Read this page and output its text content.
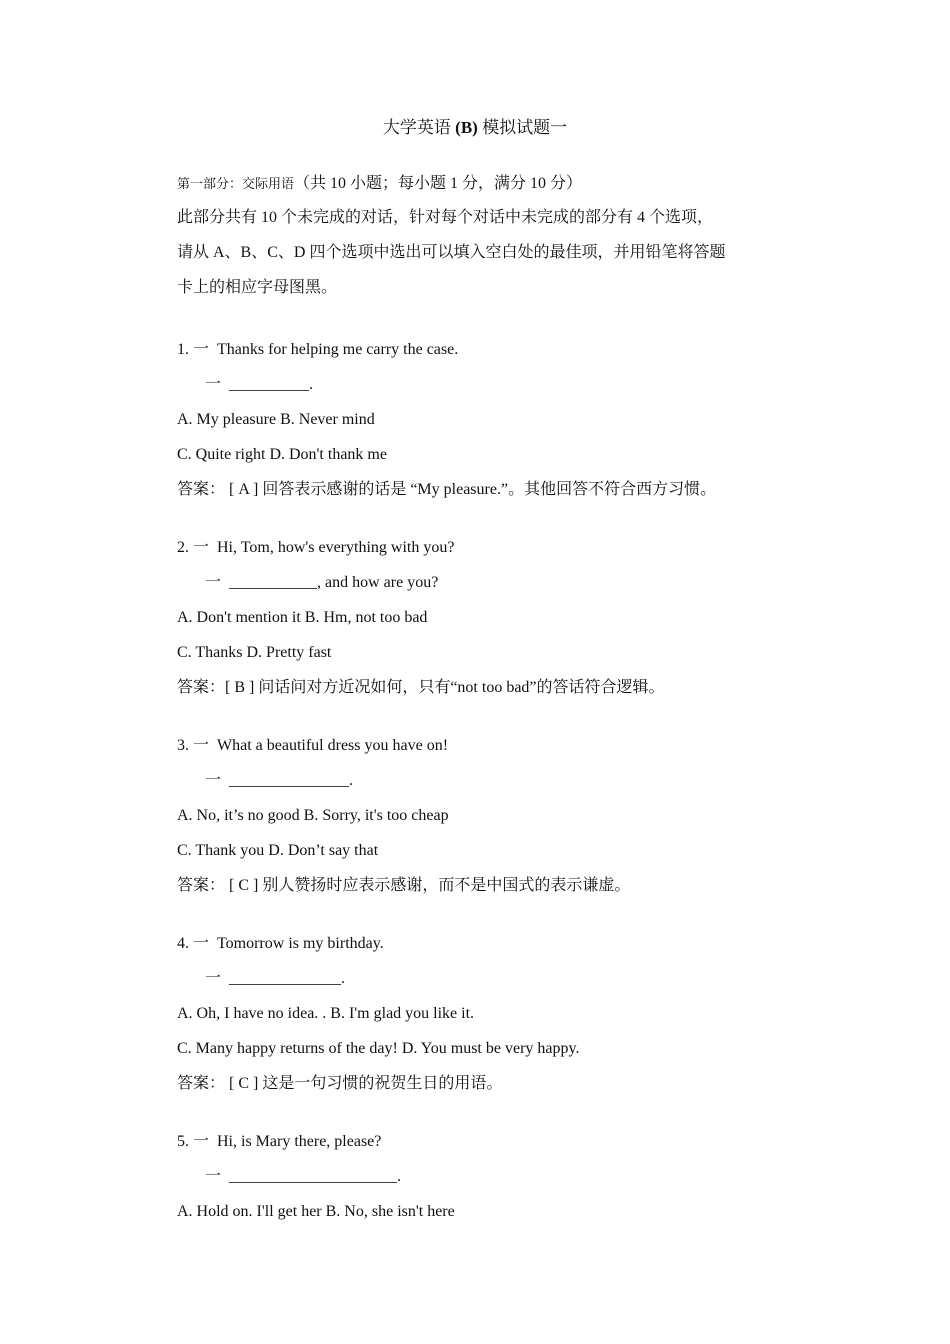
大学英语 (B) 模拟试题一
第一部分：交际用语（共 10 小题；每小题 1 分，满分 10 分）
此部分共有 10 个未完成的对话，针对每个对话中未完成的部分有 4 个选项，
请从 A、B、C、D 四个选项中选出可以填入空白处的最佳项，并用铅笔将答题
卡上的相应字母图黑。
1. 一 Thanks for helping me carry the case.
一 __________.
A. My pleasure B. Never mind
C. Quite right D. Don't thank me
答案： [ A ] 回答表示感谢的话是 “My pleasure.”。其他回答不符合西方习惯。
2. 一 Hi, Tom, how's everything with you?
一 ___________, and how are you?
A. Don't mention it B. Hm, not too bad
C. Thanks D. Pretty fast
答案：[ B ] 问话问对方近况如何，只有“not too bad”的答话符合逻辑。
3. 一 What a beautiful dress you have on!
一 _______________.
A. No, it’s no good B. Sorry, it's too cheap
C. Thank you D. Don’t say that
答案： [ C ] 别人赞扬时应表示感谢，而不是中国式的表示谦虚。
4. 一 Tomorrow is my birthday.
一 ______________.
A. Oh, I have no idea. . B. I'm glad you like it.
C. Many happy returns of the day! D. You must be very happy.
答案： [ C ] 这是一句习惯的祝贺生日的用语。
5. 一 Hi, is Mary there, please?
一 _____________________.
A. Hold on. I'll get her B. No, she isn't here
